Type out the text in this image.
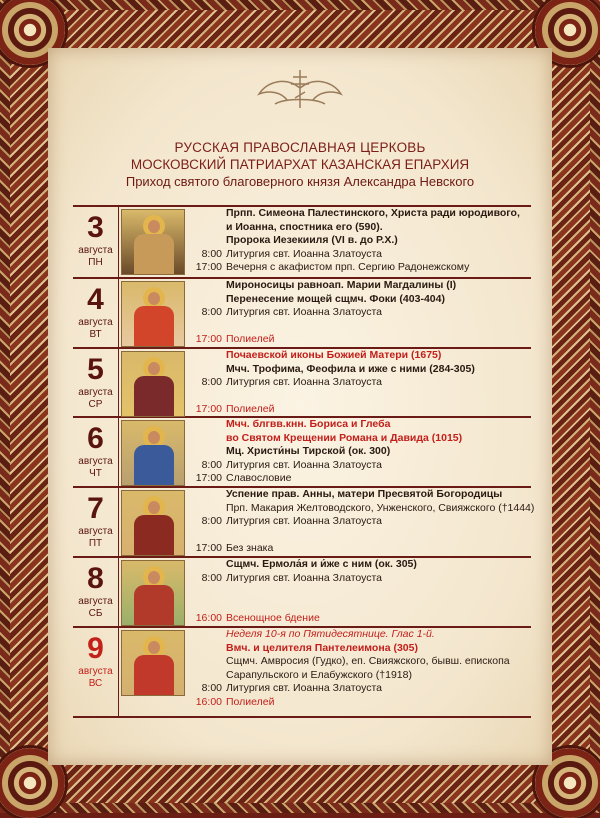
РУССКАЯ ПРАВОСЛАВНАЯ ЦЕРКОВЬ
МОСКОВСКИЙ ПАТРИАРХАТ КАЗАНСКАЯ ЕПАРХИЯ
Приход святого благоверного князя Александра Невского
3
августа
ПН
Прпп. Симеона Палестинского, Христа ради юродивого,
и Иоанна, спостника его (590).
Пророка Иезекииля (VI в. до Р.Х.)
8:00 Литургия свт. Иоанна Златоуста
17:00 Вечерня с акафистом прп. Сергию Радонежскому
4
августа
ВТ
Мироносицы равноап. Марии Магдалины (I)
Перенесение мощей сщмч. Фоки (403-404)
8:00 Литургия свт. Иоанна Златоуста
17:00 Полиелей
5
августа
СР
Почаевской иконы Божией Матери (1675)
Мчч. Трофима, Феофила и иже с ними (284-305)
8:00 Литургия свт. Иоанна Златоуста
17:00 Полиелей
6
августа
ЧТ
Мчч. блгвв.кнн. Бориса и Глеба
во Святом Крещении Романа и Давида (1015)
Мц. Христи́ны Тирской (ок. 300)
8:00 Литургия свт. Иоанна Златоуста
17:00 Славословие
7
августа
ПТ
Успение прав. Анны, матери Пресвятой Богородицы
Прп. Макария Желтоводского, Унженского, Свияжского (†1444)
8:00 Литургия свт. Иоанна Златоуста
17:00 Без знака
8
августа
СБ
Сщмч. Ермола́я и и́же с ним (ок. 305)
8:00 Литургия свт. Иоанна Златоуста
16:00 Всенощное бдение
9
августа
ВС
Неделя 10-я по Пятидесятнице. Глас 1-й.
Вмч. и целителя Пантелеимона (305)
Сщмч. Амвросия (Гудко), еп. Свияжского, бывш. епископа
Сарапульского и Елабужского (†1918)
8:00 Литургия свт. Иоанна Златоуста
16:00 Полиелей
